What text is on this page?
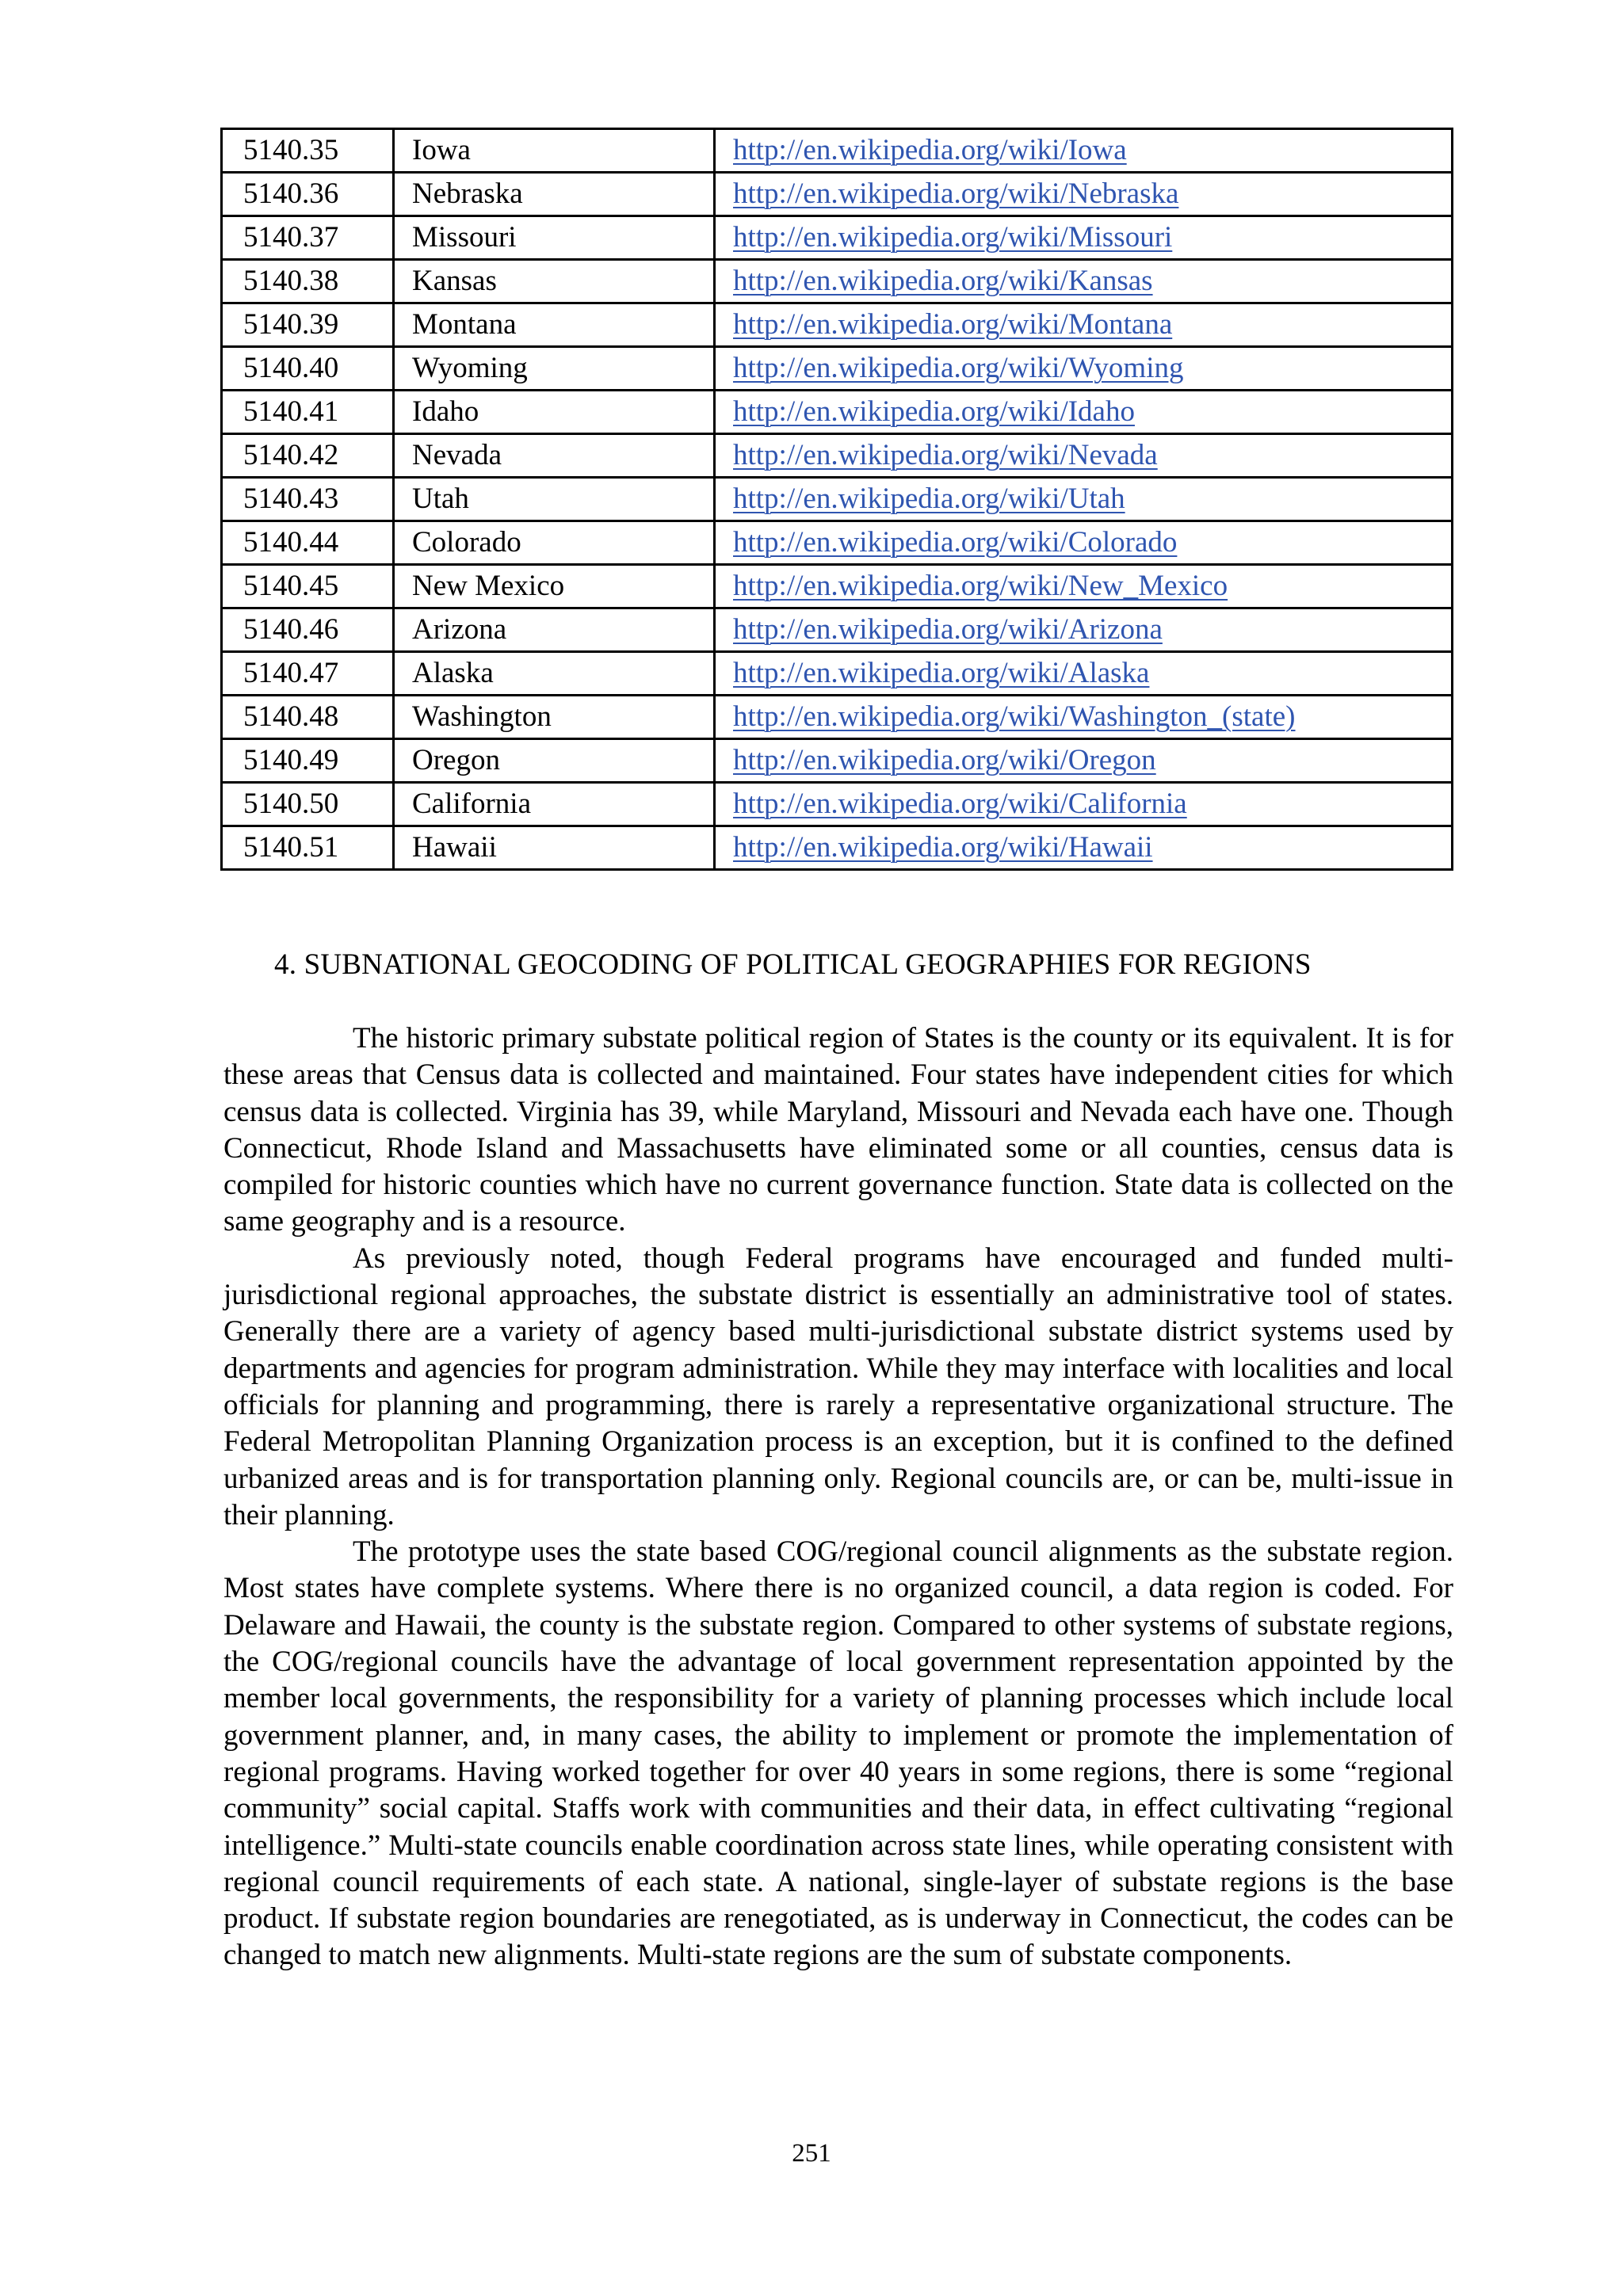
5140.35	Iowa	http://en.wikipedia.org/wiki/Iowa
5140.36	Nebraska	http://en.wikipedia.org/wiki/Nebraska
5140.37	Missouri	http://en.wikipedia.org/wiki/Missouri
5140.38	Kansas	http://en.wikipedia.org/wiki/Kansas
5140.39	Montana	http://en.wikipedia.org/wiki/Montana
5140.40	Wyoming	http://en.wikipedia.org/wiki/Wyoming
5140.41	Idaho	http://en.wikipedia.org/wiki/Idaho
5140.42	Nevada	http://en.wikipedia.org/wiki/Nevada
5140.43	Utah	http://en.wikipedia.org/wiki/Utah
5140.44	Colorado	http://en.wikipedia.org/wiki/Colorado
5140.45	New Mexico	http://en.wikipedia.org/wiki/New_Mexico
5140.46	Arizona	http://en.wikipedia.org/wiki/Arizona
5140.47	Alaska	http://en.wikipedia.org/wiki/Alaska
5140.48	Washington	http://en.wikipedia.org/wiki/Washington_(state)
5140.49	Oregon	http://en.wikipedia.org/wiki/Oregon
5140.50	California	http://en.wikipedia.org/wiki/California
5140.51	Hawaii	http://en.wikipedia.org/wiki/Hawaii
4. SUBNATIONAL GEOCODING OF POLITICAL GEOGRAPHIES FOR REGIONS

The historic primary substate political region of States is the county or its equivalent. It is for these areas that Census data is collected and maintained. Four states have independent cities for which census data is collected. Virginia has 39, while Maryland, Missouri and Nevada each have one. Though Connecticut, Rhode Island and Massachusetts have eliminated some or all counties, census data is compiled for historic counties which have no current governance function. State data is collected on the same geography and is a resource.

As previously noted, though Federal programs have encouraged and funded multi-jurisdictional regional approaches, the substate district is essentially an administrative tool of states. Generally there are a variety of agency based multi-jurisdictional substate district systems used by departments and agencies for program administration. While they may interface with localities and local officials for planning and programming, there is rarely a representative organizational structure. The Federal Metropolitan Planning Organization process is an exception, but it is confined to the defined urbanized areas and is for transportation planning only. Regional councils are, or can be, multi-issue in their planning.

The prototype uses the state based COG/regional council alignments as the substate region. Most states have complete systems. Where there is no organized council, a data region is coded. For Delaware and Hawaii, the county is the substate region. Compared to other systems of substate regions, the COG/regional councils have the advantage of local government representation appointed by the member local governments, the responsibility for a variety of planning processes which include local government planner, and, in many cases, the ability to implement or promote the implementation of regional programs. Having worked together for over 40 years in some regions, there is some “regional community” social capital. Staffs work with communities and their data, in effect cultivating “regional intelligence.” Multi-state councils enable coordination across state lines, while operating consistent with regional council requirements of each state. A national, single-layer of substate regions is the base product. If substate region boundaries are renegotiated, as is underway in Connecticut, the codes can be changed to match new alignments. Multi-state regions are the sum of substate components.

251
